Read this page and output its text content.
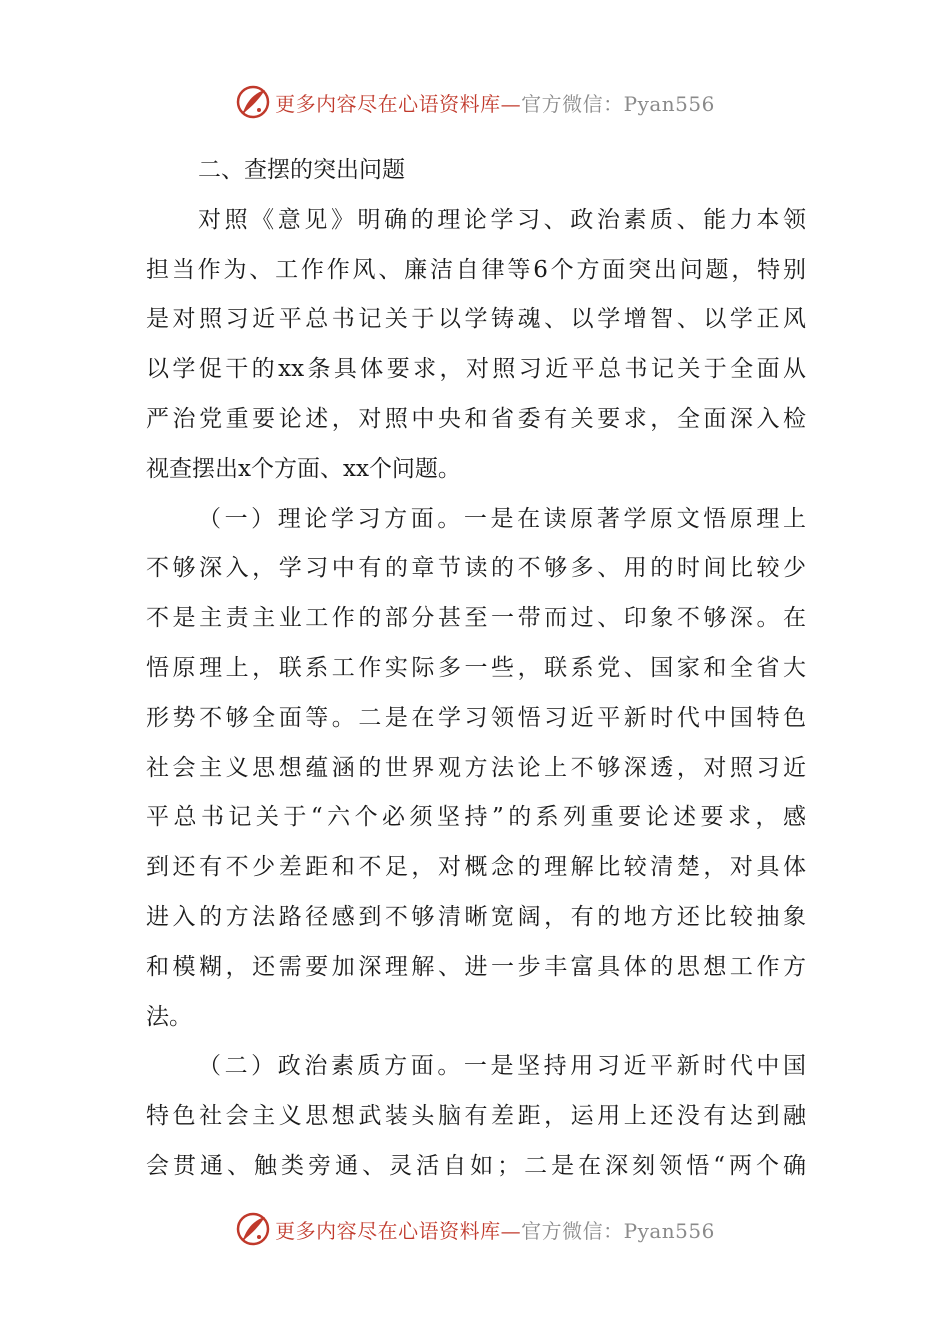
更多内容尽在心语资料库—官方微信：Pyan556
二、查摆的突出问题
对照《意见》明确的理论学习、政治素质、能力本领
担当作为、工作作风、廉洁自律等6个方面突出问题，特别
是对照习近平总书记关于以学铸魂、以学增智、以学正风
以学促干的xx条具体要求，对照习近平总书记关于全面从
严治党重要论述，对照中央和省委有关要求，全面深入检
视查摆出x个方面、xx个问题。
（一）理论学习方面。一是在读原著学原文悟原理上
不够深入，学习中有的章节读的不够多、用的时间比较少
不是主责主业工作的部分甚至一带而过、印象不够深。在
悟原理上，联系工作实际多一些，联系党、国家和全省大
形势不够全面等。二是在学习领悟习近平新时代中国特色
社会主义思想蕴涵的世界观方法论上不够深透，对照习近
平总书记关于“六个必须坚持”的系列重要论述要求，感
到还有不少差距和不足，对概念的理解比较清楚，对具体
进入的方法路径感到不够清晰宽阔，有的地方还比较抽象
和模糊，还需要加深理解、进一步丰富具体的思想工作方
法。
（二）政治素质方面。一是坚持用习近平新时代中国
特色社会主义思想武装头脑有差距，运用上还没有达到融
会贯通、触类旁通、灵活自如；二是在深刻领悟“两个确
更多内容尽在心语资料库—官方微信：Pyan556
